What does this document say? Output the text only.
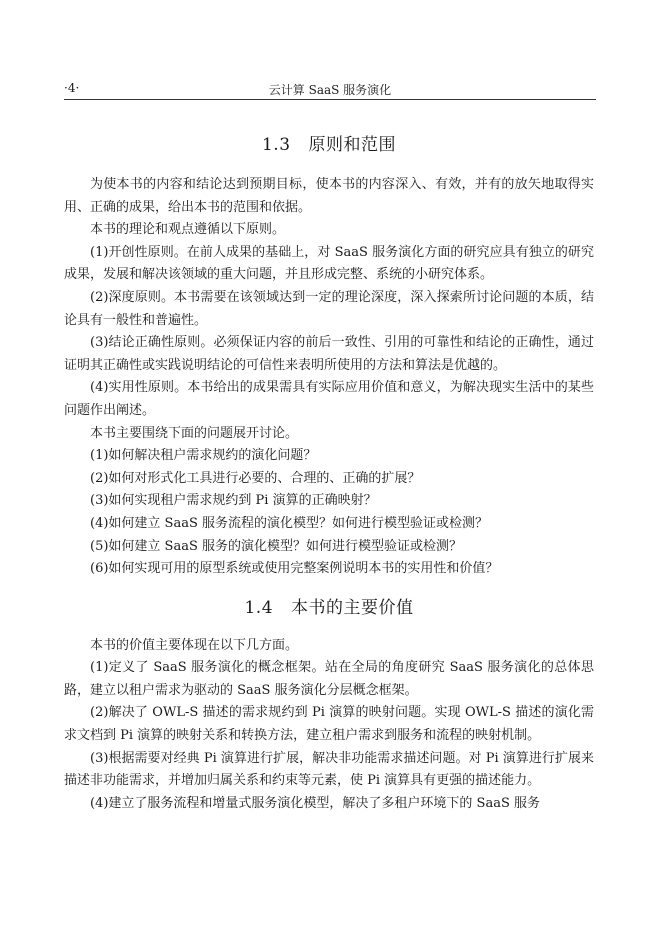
·4·	云计算 SaaS 服务演化
1.3 原则和范围

为使本书的内容和结论达到预期目标，使本书的内容深入、有效，并有的放矢地取得实用、正确的成果，给出本书的范围和依据。

本书的理论和观点遵循以下原则。

(1)开创性原则。在前人成果的基础上，对 SaaS 服务演化方面的研究应具有独立的研究成果，发展和解决该领域的重大问题，并且形成完整、系统的小研究体系。

(2)深度原则。本书需要在该领域达到一定的理论深度，深入探索所讨论问题的本质，结论具有一般性和普遍性。

(3)结论正确性原则。必须保证内容的前后一致性、引用的可靠性和结论的正确性，通过证明其正确性或实践说明结论的可信性来表明所使用的方法和算法是优越的。

(4)实用性原则。本书给出的成果需具有实际应用价值和意义，为解决现实生活中的某些问题作出阐述。

本书主要围绕下面的问题展开讨论。

(1)如何解决租户需求规约的演化问题？

(2)如何对形式化工具进行必要的、合理的、正确的扩展？

(3)如何实现租户需求规约到 Pi 演算的正确映射？

(4)如何建立 SaaS 服务流程的演化模型？如何进行模型验证或检测？

(5)如何建立 SaaS 服务的演化模型？如何进行模型验证或检测？

(6)如何实现可用的原型系统或使用完整案例说明本书的实用性和价值？

1.4 本书的主要价值

本书的价值主要体现在以下几方面。

(1)定义了 SaaS 服务演化的概念框架。站在全局的角度研究 SaaS 服务演化的总体思路，建立以租户需求为驱动的 SaaS 服务演化分层概念框架。

(2)解决了 OWL-S 描述的需求规约到 Pi 演算的映射问题。实现 OWL-S 描述的演化需求文档到 Pi 演算的映射关系和转换方法，建立租户需求到服务和流程的映射机制。

(3)根据需要对经典 Pi 演算进行扩展，解决非功能需求描述问题。对 Pi 演算进行扩展来描述非功能需求，并增加归属关系和约束等元素，使 Pi 演算具有更强的描述能力。

(4)建立了服务流程和增量式服务演化模型，解决了多租户环境下的 SaaS 服务
